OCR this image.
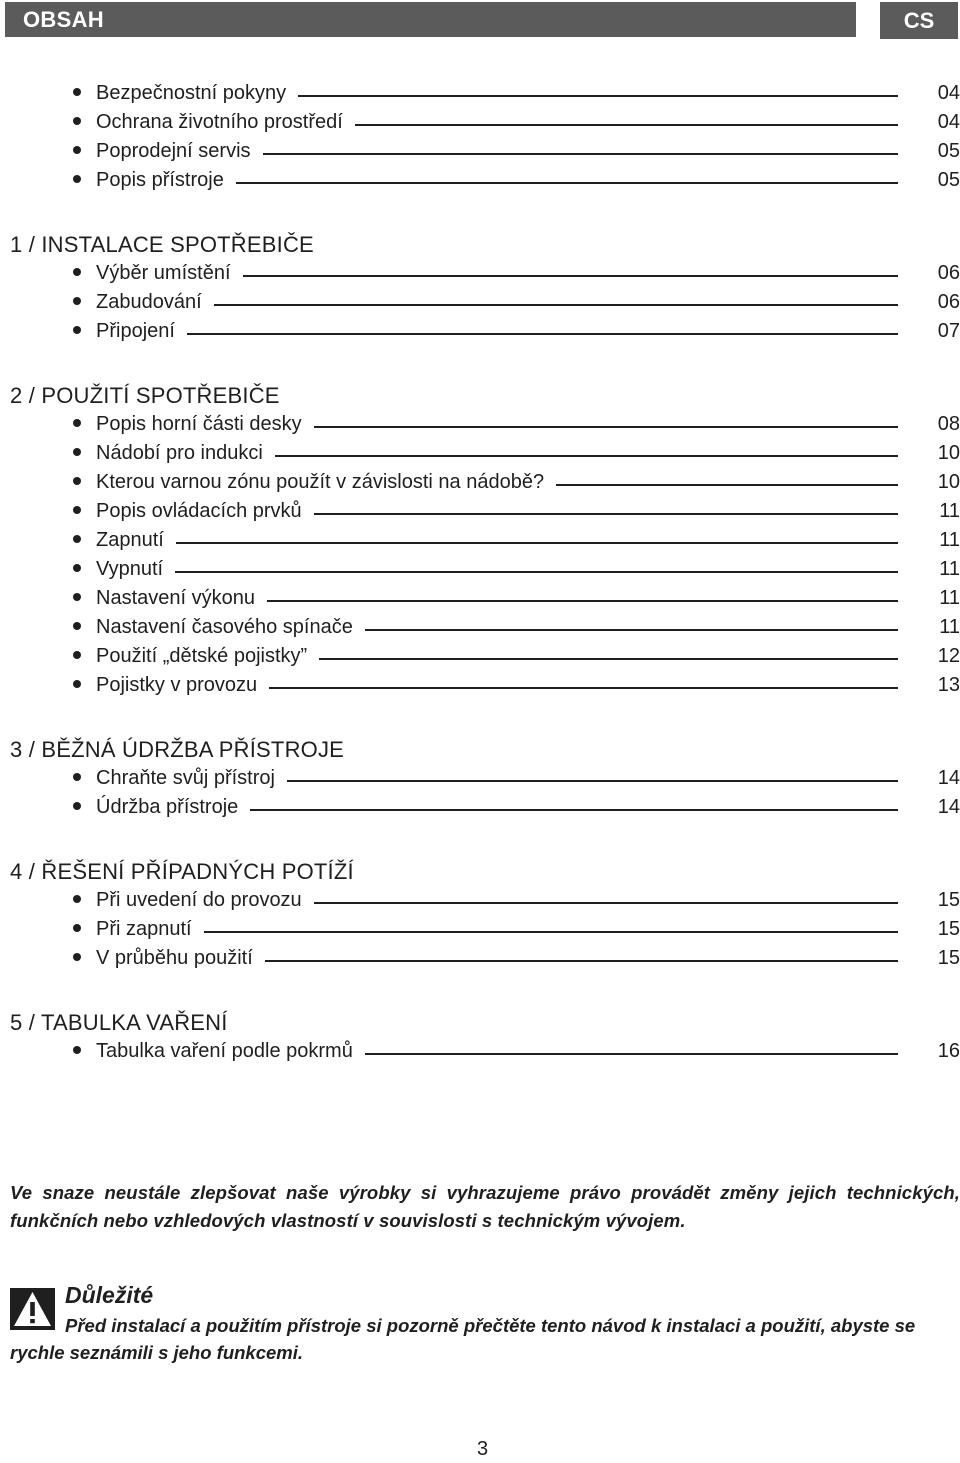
OBSAH	CS
Bezpečnostní pokyny	04
Ochrana životního prostředí	04
Poprodejní servis	05
Popis přístroje	05
1 / INSTALACE SPOTŘEBIČE
Výběr umístění	06
Zabudování	06
Připojení	07
2 / POUŽITÍ SPOTŘEBIČE
Popis horní části desky	08
Nádobí pro indukci	10
Kterou varnou zónu použít v závislosti na nádobě?	10
Popis ovládacích prvků	11
Zapnutí	11
Vypnutí	11
Nastavení výkonu	11
Nastavení časového spínače	11
Použití „dětské pojistky”	12
Pojistky v provozu	13
3 / BĚŽNÁ ÚDRŽBA PŘÍSTROJE
Chraňte svůj přístroj	14
Údržba přístroje	14
4 / ŘEŠENÍ PŘÍPADNÝCH POTÍŽÍ
Při uvedení do provozu	15
Při zapnutí	15
V průběhu použití	15
5 / TABULKA VAŘENÍ
Tabulka vaření podle pokrmů	16
Ve snaze neustále zlepšovat naše výrobky si vyhrazujeme právo provádět změny jejich technických, funkčních nebo vzhledových vlastností v souvislosti s technickým vývojem.
Důležité
Před instalací a použitím přístroje si pozorně přečtěte tento návod k instalaci a použití, abyste se rychle seznámili s jeho funkcemi.
3
